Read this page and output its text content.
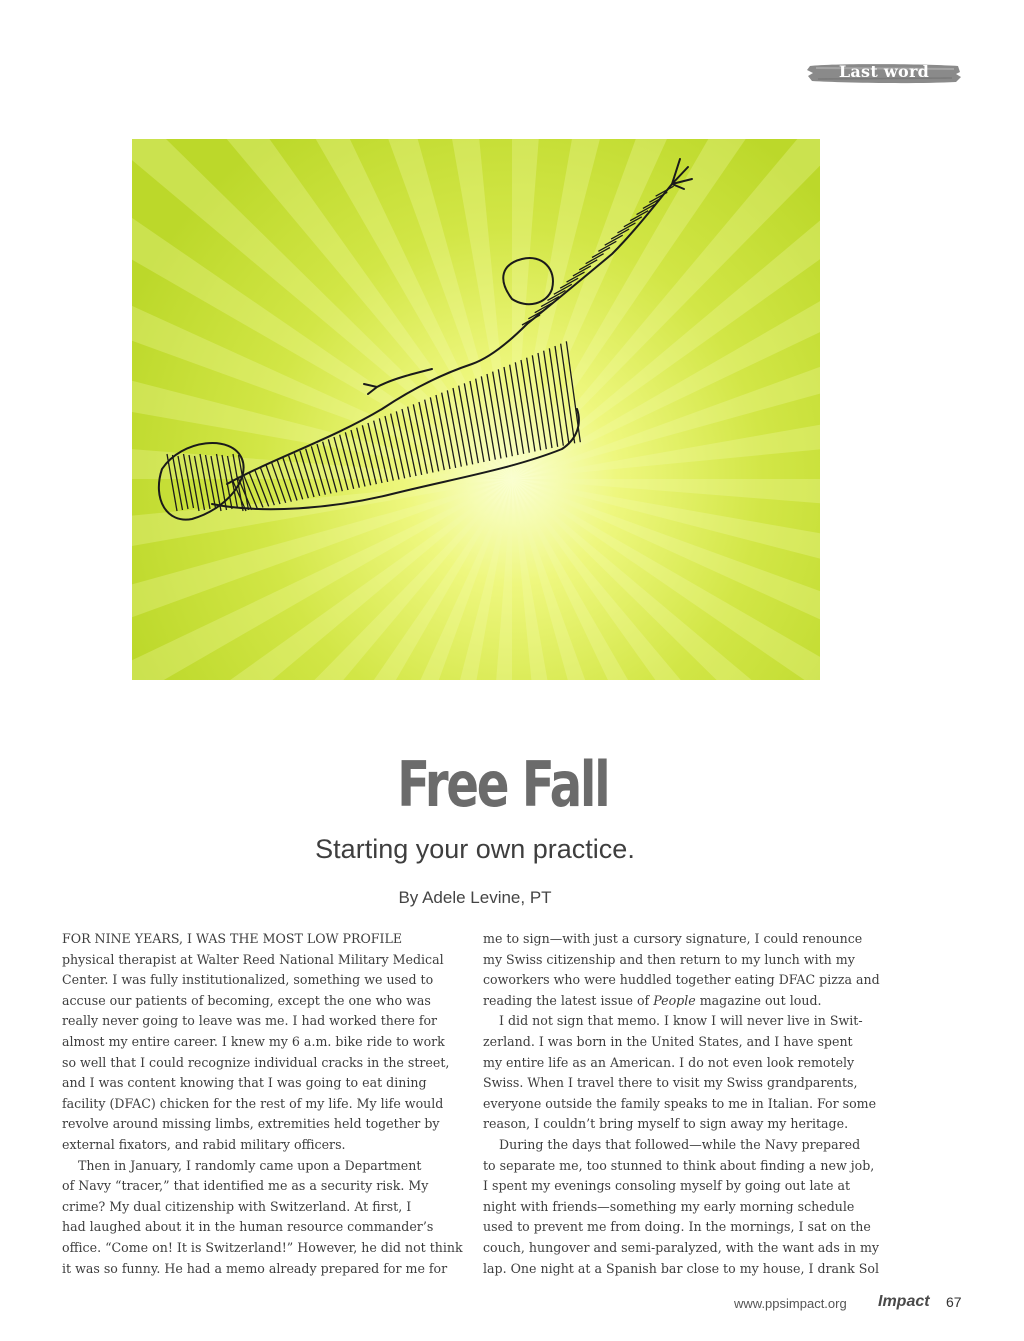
Last word
Free Fall
Starting your own practice.
By Adele Levine, PT
FOR NINE YEARS, I WAS THE MOST LOW PROFILE
physical therapist at Walter Reed National Military Medical
Center. I was fully institutionalized, something we used to
accuse our patients of becoming, except the one who was
really never going to leave was me. I had worked there for
almost my entire career. I knew my 6 a.m. bike ride to work
so well that I could recognize individual cracks in the street,
and I was content knowing that I was going to eat dining
facility (DFAC) chicken for the rest of my life. My life would
revolve around missing limbs, extremities held together by
external fixators, and rabid military officers.
Then in January, I randomly came upon a Department
of Navy “tracer,” that identified me as a security risk. My
crime? My dual citizenship with Switzerland. At first, I
had laughed about it in the human resource commander’s
office. “Come on! It is Switzerland!” However, he did not think
it was so funny. He had a memo already prepared for me for
me to sign—with just a cursory signature, I could renounce
my Swiss citizenship and then return to my lunch with my
coworkers who were huddled together eating DFAC pizza and
reading the latest issue of People magazine out loud.
I did not sign that memo. I know I will never live in Swit-
zerland. I was born in the United States, and I have spent
my entire life as an American. I do not even look remotely
Swiss. When I travel there to visit my Swiss grandparents,
everyone outside the family speaks to me in Italian. For some
reason, I couldn’t bring myself to sign away my heritage.
During the days that followed—while the Navy prepared
to separate me, too stunned to think about finding a new job,
I spent my evenings consoling myself by going out late at
night with friends—something my early morning schedule
used to prevent me from doing. In the mornings, I sat on the
couch, hungover and semi-paralyzed, with the want ads in my
lap. One night at a Spanish bar close to my house, I drank Sol
www.ppsimpact.org Impact 67
